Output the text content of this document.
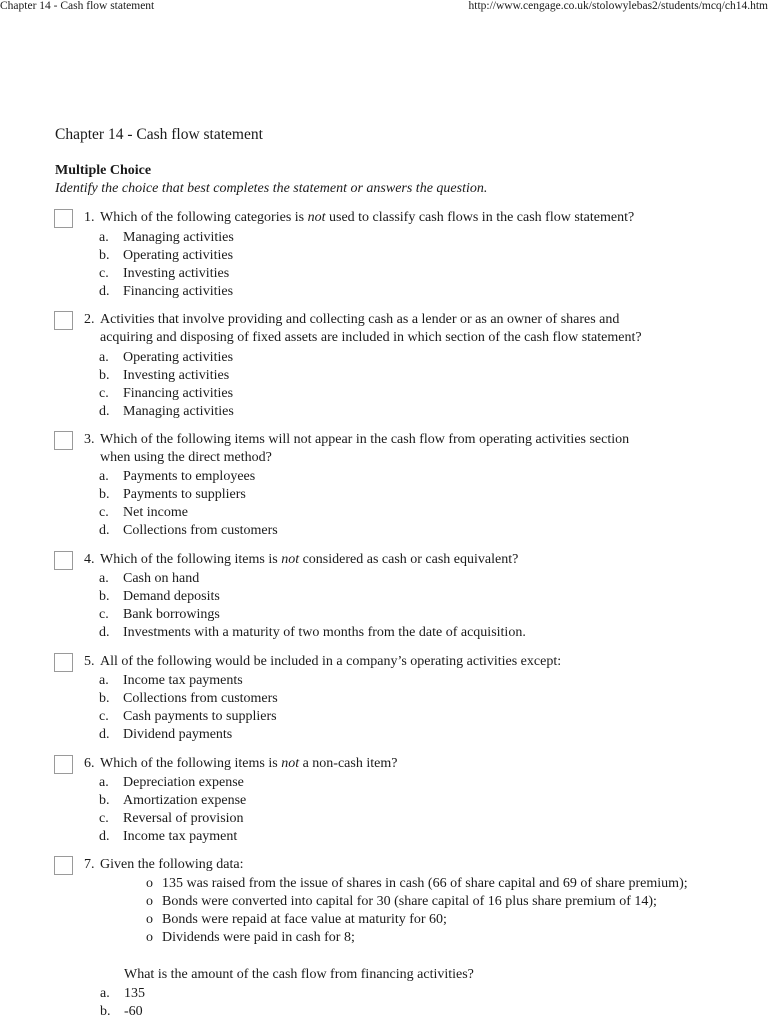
Chapter 14 - Cash flow statement	http://www.cengage.co.uk/stolowylebas2/students/mcq/ch14.htm
Chapter 14 - Cash flow statement
Multiple Choice
Identify the choice that best completes the statement or answers the question.
1. Which of the following categories is not used to classify cash flows in the cash flow statement?
a. Managing activities
b. Operating activities
c. Investing activities
d. Financing activities
2. Activities that involve providing and collecting cash as a lender or as an owner of shares and
acquiring and disposing of fixed assets are included in which section of the cash flow statement?
a. Operating activities
b. Investing activities
c. Financing activities
d. Managing activities
3. Which of the following items will not appear in the cash flow from operating activities section
when using the direct method?
a. Payments to employees
b. Payments to suppliers
c. Net income
d. Collections from customers
4. Which of the following items is not considered as cash or cash equivalent?
a. Cash on hand
b. Demand deposits
c. Bank borrowings
d. Investments with a maturity of two months from the date of acquisition.
5. All of the following would be included in a company’s operating activities except:
a. Income tax payments
b. Collections from customers
c. Cash payments to suppliers
d. Dividend payments
6. Which of the following items is not a non-cash item?
a. Depreciation expense
b. Amortization expense
c. Reversal of provision
d. Income tax payment
7. Given the following data:
o 135 was raised from the issue of shares in cash (66 of share capital and 69 of share premium);
o Bonds were converted into capital for 30 (share capital of 16 plus share premium of 14);
o Bonds were repaid at face value at maturity for 60;
o Dividends were paid in cash for 8;
What is the amount of the cash flow from financing activities?
a. 135
b. -60
